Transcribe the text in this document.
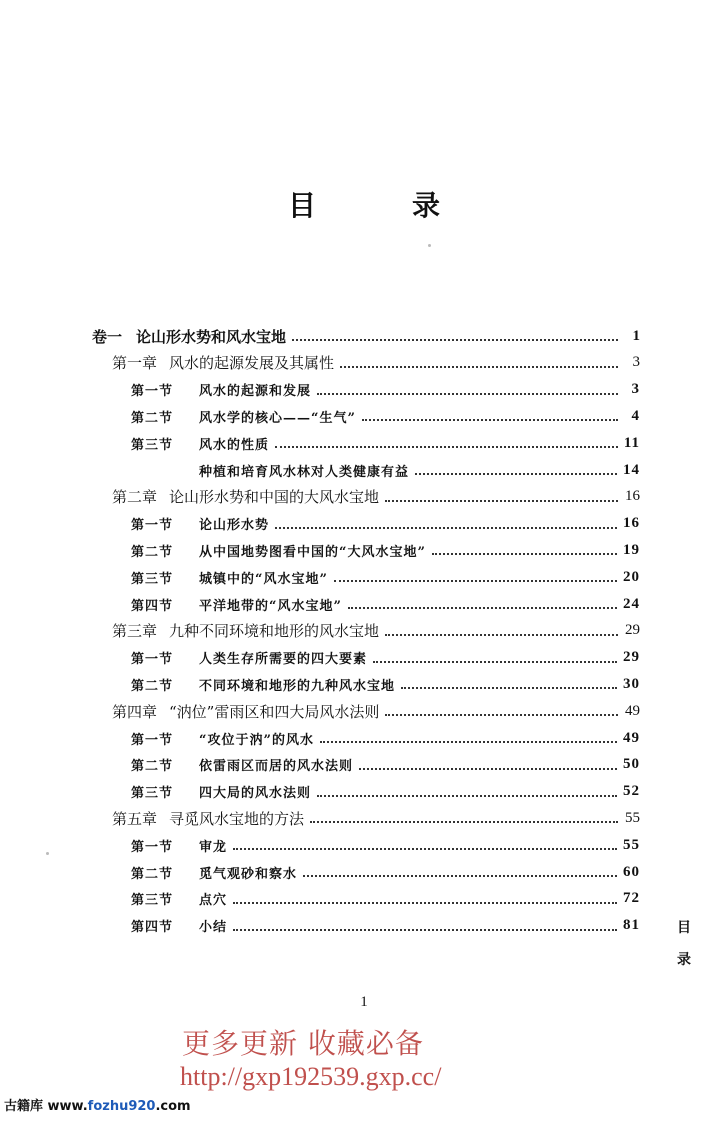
目　录
卷一 论山形水势和风水宝地	1
第一章 风水的起源发展及其属性	3
第一节 风水的起源和发展	3
第二节 风水学的核心——“生气”	4
第三节 风水的性质	11
种植和培育风水林对人类健康有益	14
第二章 论山形水势和中国的大风水宝地	16
第一节 论山形水势	16
第二节 从中国地势图看中国的“大风水宝地”	19
第三节 城镇中的“风水宝地”	20
第四节 平洋地带的“风水宝地”	24
第三章 九种不同环境和地形的风水宝地	29
第一节 人类生存所需要的四大要素	29
第二节 不同环境和地形的九种风水宝地	30
第四章 “汭位”雷雨区和四大局风水法则	49
第一节 “攻位于汭”的风水	49
第二节 依雷雨区而居的风水法则	50
第三节 四大局的风水法则	52
第五章 寻觅风水宝地的方法	55
第一节 审龙	55
第二节 觅气观砂和察水	60
第三节 点穴	72
第四节 小结	81	目
录
1
更多更新 收藏必备
http://gxp192539.gxp.cc/
古籍库 www.fozhu920.com
